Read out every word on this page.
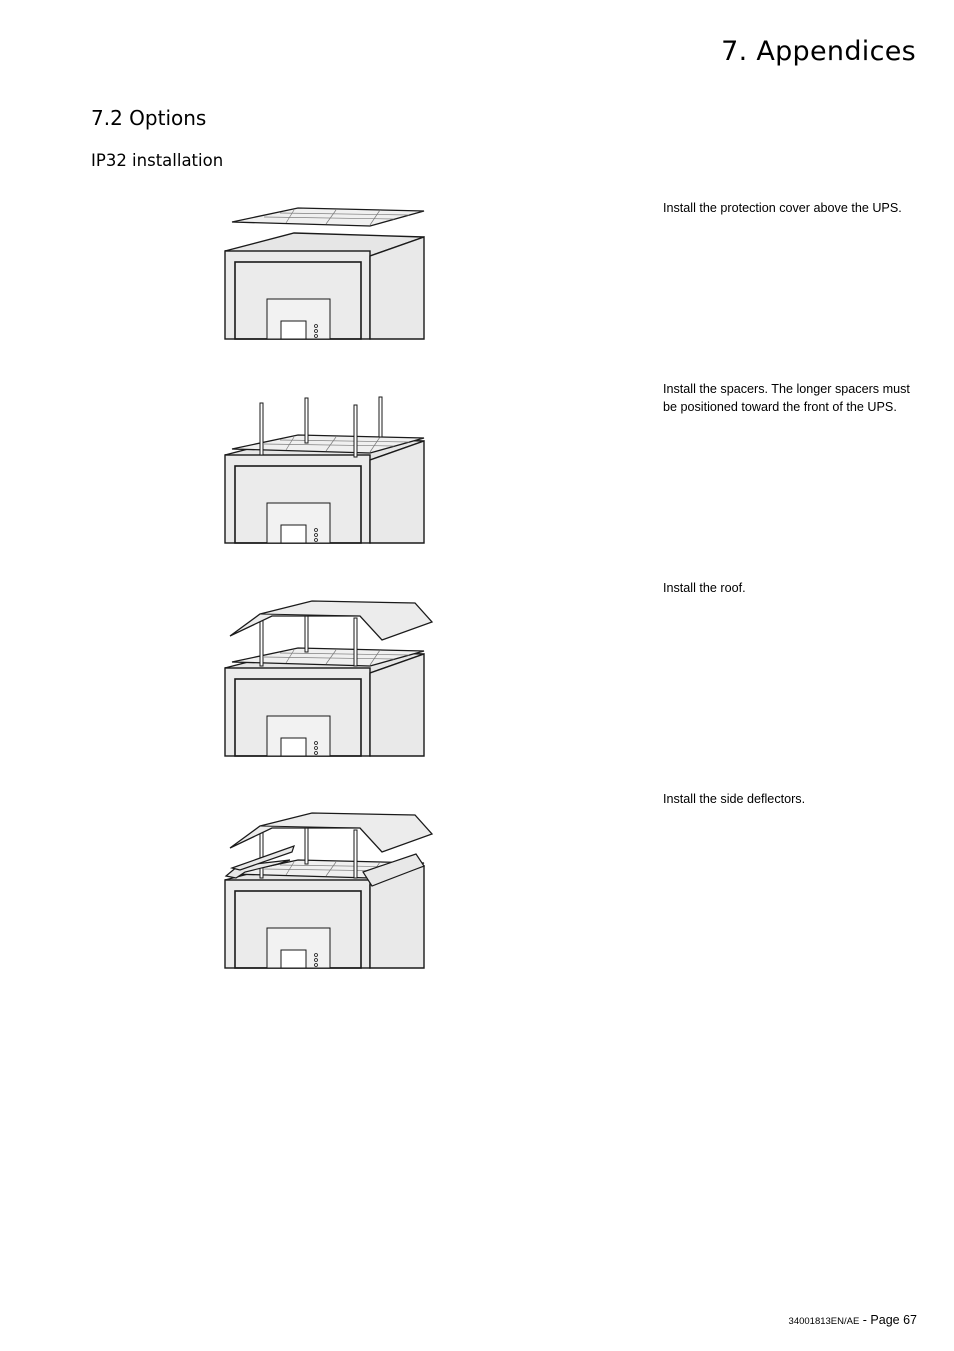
7. Appendices
7.2 Options
IP32 installation
Install the protection cover above the UPS.
Install the spacers. The longer spacers must be positioned toward the front of the UPS.
Install the roof.
Install the side deflectors.
34001813EN/AE - Page 67
